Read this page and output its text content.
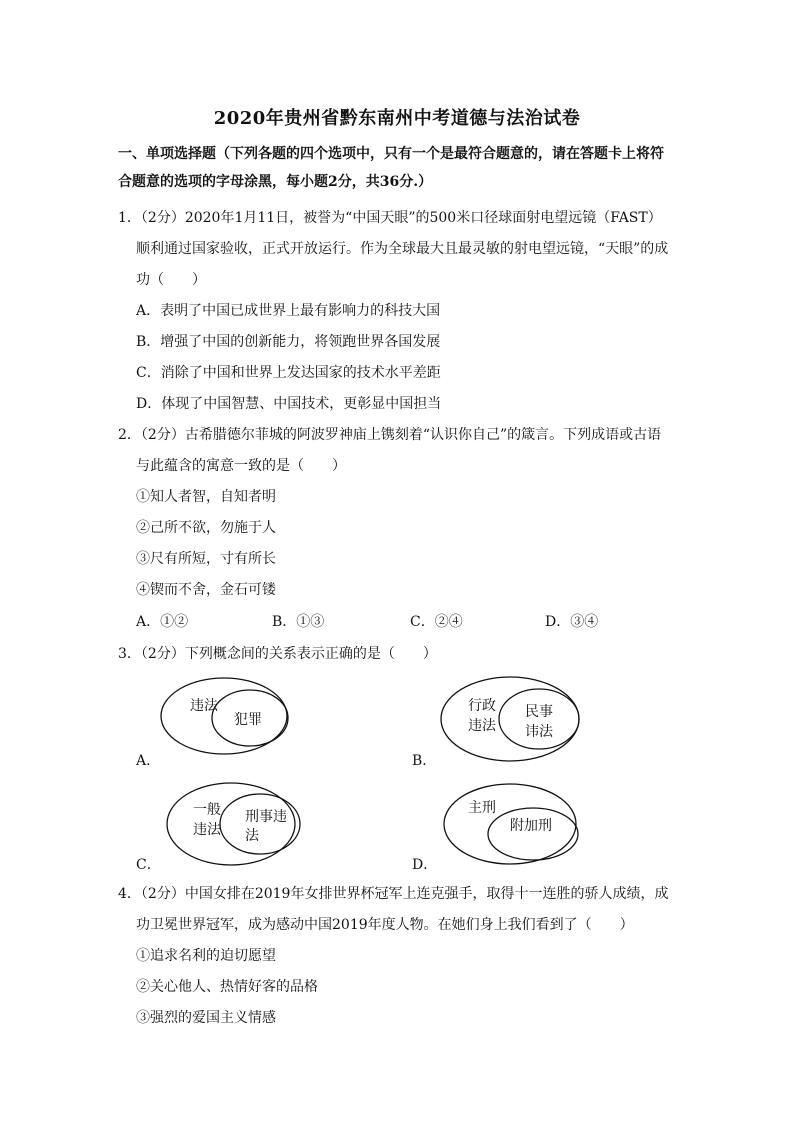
2020年贵州省黔东南州中考道德与法治试卷
一、单项选择题（下列各题的四个选项中，只有一个是最符合题意的，请在答题卡上将符
合题意的选项的字母涂黑，每小题2分，共36分.）
1．（2分）2020年1月11日，被誉为“中国天眼”的500米口径球面射电望远镜（FAST）
顺利通过国家验收，正式开放运行。作为全球最大且最灵敏的射电望远镜，“天眼”的成
功（　　）
A．表明了中国已成世界上最有影响力的科技大国
B．增强了中国的创新能力，将领跑世界各国发展
C．消除了中国和世界上发达国家的技术水平差距
D．体现了中国智慧、中国技术，更彰显中国担当
2．（2分）古希腊德尔菲城的阿波罗神庙上镌刻着“认识你自己”的箴言。下列成语或古语
与此蕴含的寓意一致的是（　　）
①知人者智，自知者明
②己所不欲，勿施于人
③尺有所短，寸有所长
④锲而不舍，金石可镂
A．①②	B．①③	C．②④	D．③④
3．（2分）下列概念间的关系表示正确的是（　　）
违法
犯罪
A．
行政
违法
民事
讳法
B．
一般
违法
刑事违
法
C．
主刑
附加刑
D．
4．（2分）中国女排在2019年女排世界杯冠军上连克强手，取得十一连胜的骄人成绩，成
功卫冕世界冠军，成为感动中国2019年度人物。在她们身上我们看到了（　　）
①追求名利的迫切愿望
②关心他人、热情好客的品格
③强烈的爱国主义情感
